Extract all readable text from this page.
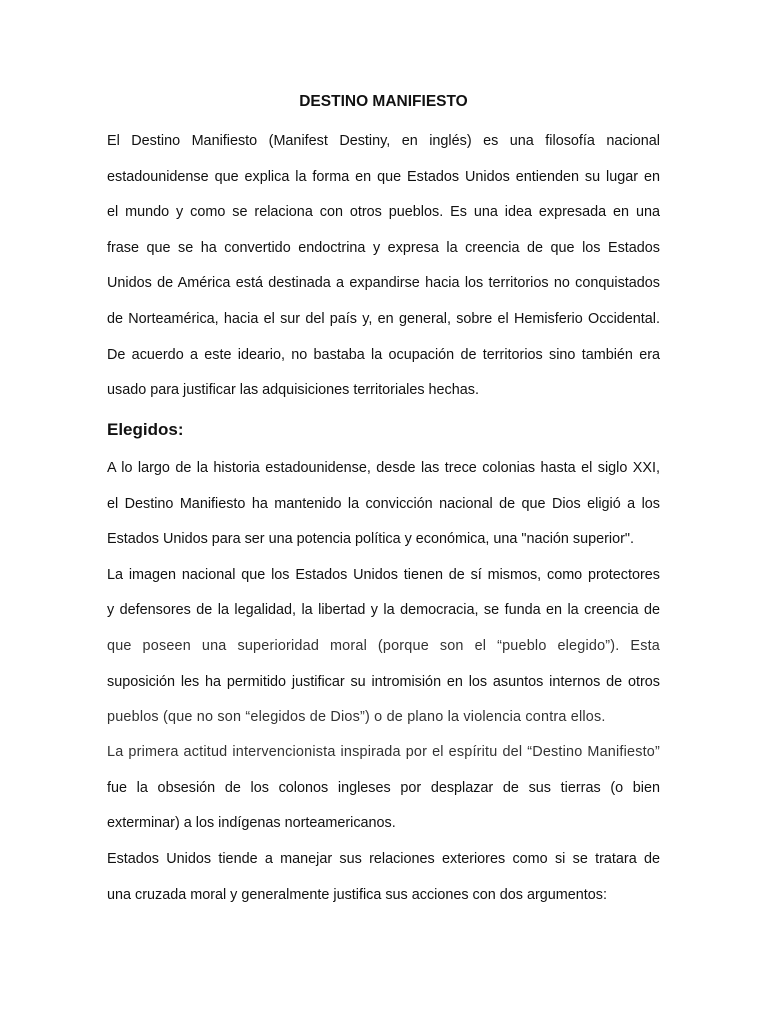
DESTINO MANIFIESTO
El Destino Manifiesto (Manifest Destiny, en inglés) es una filosofía nacional
estadounidense que explica la forma en que Estados Unidos entienden su lugar en
el mundo y como se relaciona con otros pueblos. Es una idea expresada en una
frase que se ha convertido endoctrina y expresa la creencia de que los Estados
Unidos de América está destinada a expandirse hacia los territorios no conquistados
de Norteamérica, hacia el sur del país y, en general, sobre el Hemisferio Occidental.
De acuerdo a este ideario, no bastaba la ocupación de territorios sino también era
usado para justificar las adquisiciones territoriales hechas.
Elegidos:
A lo largo de la historia estadounidense, desde las trece colonias hasta el siglo XXI,
el Destino Manifiesto ha mantenido la convicción nacional de que Dios eligió a los
Estados Unidos para ser una potencia política y económica, una "nación superior".
La imagen nacional que los Estados Unidos tienen de sí mismos, como protectores
y defensores de la legalidad, la libertad y la democracia, se funda en la creencia de
que poseen una superioridad moral (porque son el “pueblo elegido”). Esta
suposición les ha permitido justificar su intromisión en los asuntos internos de otros
pueblos (que no son “elegidos de Dios”) o de plano la violencia contra ellos.
La primera actitud intervencionista inspirada por el espíritu del “Destino Manifiesto”
fue la obsesión de los colonos ingleses por desplazar de sus tierras (o bien
exterminar) a los indígenas norteamericanos.
Estados Unidos tiende a manejar sus relaciones exteriores como si se tratara de
una cruzada moral y generalmente justifica sus acciones con dos argumentos:
